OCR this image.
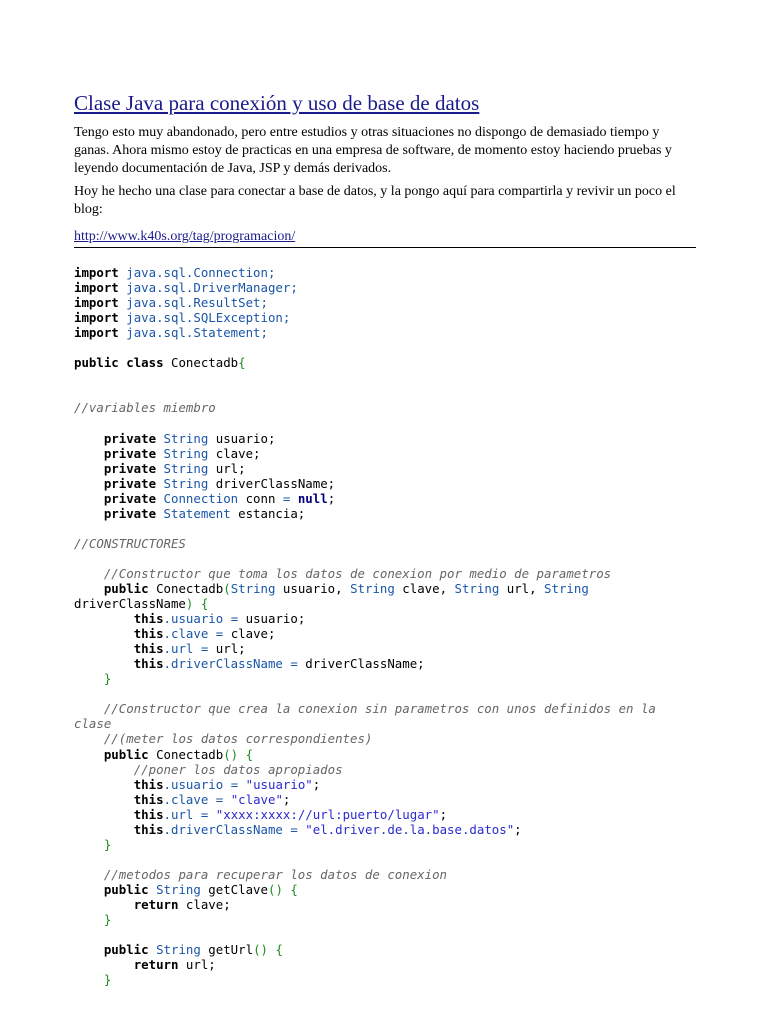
Clase Java para conexión y uso de base de datos

Tengo esto muy abandonado, pero entre estudios y otras situaciones no dispongo de demasiado tiempo y ganas. Ahora mismo estoy de practicas en una empresa de software, de momento estoy haciendo pruebas y leyendo documentación de Java, JSP y demás derivados.

Hoy he hecho una clase para conectar a base de datos, y la pongo aquí para compartirla y revivir un poco el blog:

http://www.k40s.org/tag/programacion/
import java.sql.Connection;
import java.sql.DriverManager;
import java.sql.ResultSet;
import java.sql.SQLException;
import java.sql.Statement;

public class Conectadb{

//variables miembro

private String usuario;
private String clave;
private String url;
private String driverClassName;
private Connection conn = null;
private Statement estancia;

//CONSTRUCTORES

//Constructor que toma los datos de conexion por medio de parametros
public Conectadb(String usuario, String clave, String url, String
driverClassName) {
this.usuario = usuario;
this.clave = clave;
this.url = url;
this.driverClassName = driverClassName;
}

//Constructor que crea la conexion sin parametros con unos definidos en la
clase
//(meter los datos correspondientes)
public Conectadb() {
//poner los datos apropiados
this.usuario = "usuario";
this.clave = "clave";
this.url = "xxxx:xxxx://url:puerto/lugar";
this.driverClassName = "el.driver.de.la.base.datos";
}

//metodos para recuperar los datos de conexion
public String getClave() {
return clave;
}

public String getUrl() {
return url;
}
